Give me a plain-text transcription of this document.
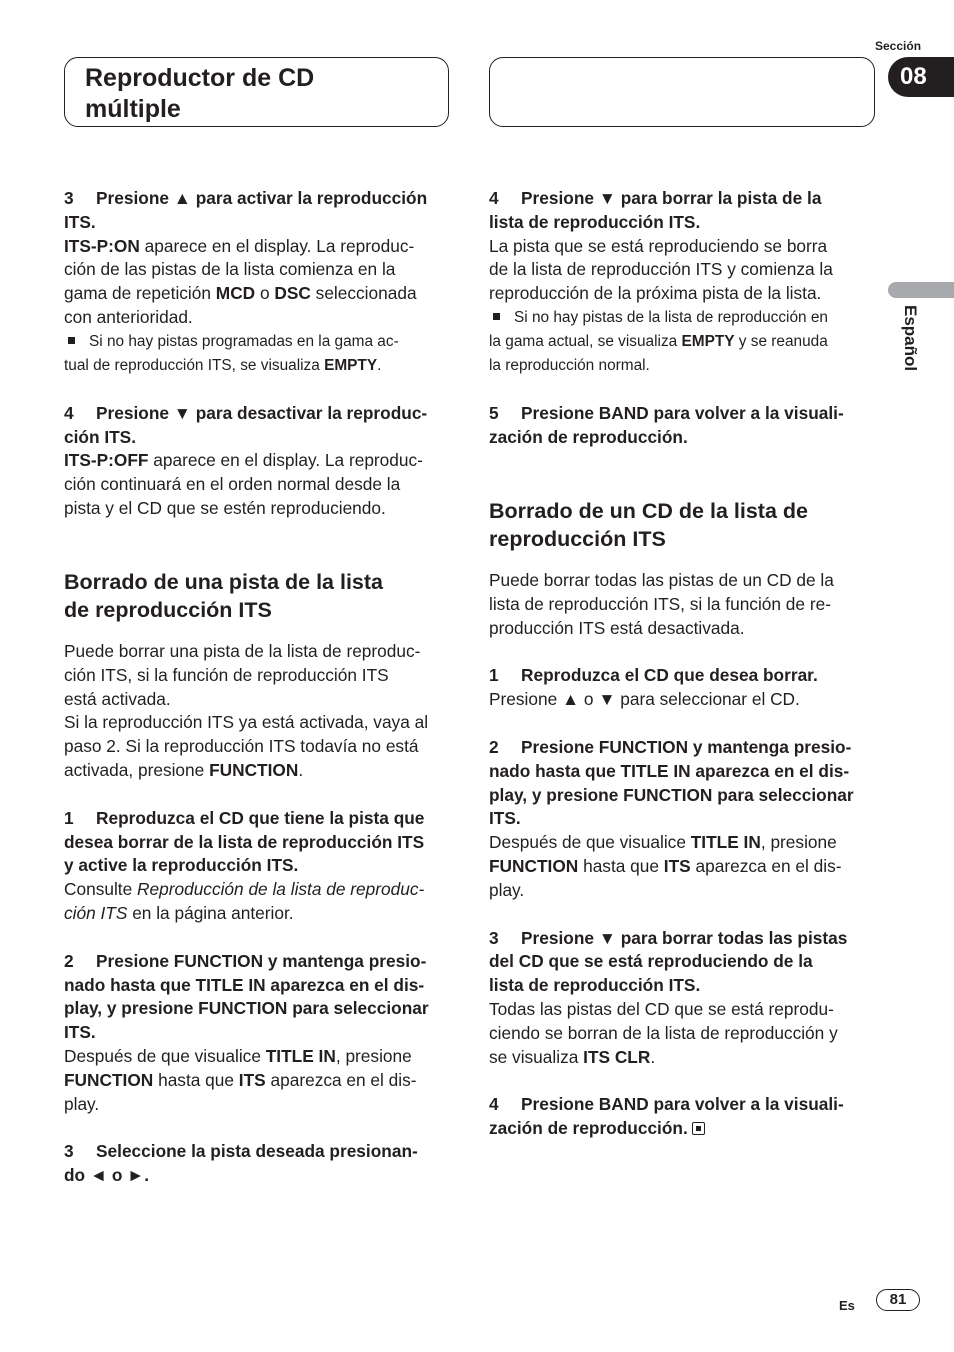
Reproductor de CD
múltiple
Sección
08
Español

3 Presione ▲ para activar la reproducción

ITS.

ITS-P:ON aparece en el display. La reproduc-

ción de las pistas de la lista comienza en la

gama de repetición MCD o DSC seleccionada

con anterioridad.

Si no hay pistas programadas en la gama ac-

tual de reproducción ITS, se visualiza EMPTY.

4 Presione ▼ para desactivar la reproduc-

ción ITS.

ITS-P:OFF aparece en el display. La reproduc-

ción continuará en el orden normal desde la

pista y el CD que se estén reproduciendo.

Borrado de una pista de la lista
de reproducción ITS

Puede borrar una pista de la lista de reproduc-

ción ITS, si la función de reproducción ITS

está activada.

Si la reproducción ITS ya está activada, vaya al

paso 2. Si la reproducción ITS todavía no está

activada, presione FUNCTION.

1 Reproduzca el CD que tiene la pista que

desea borrar de la lista de reproducción ITS

y active la reproducción ITS.

Consulte Reproducción de la lista de reproduc-

ción ITS en la página anterior.

2 Presione FUNCTION y mantenga presio-

nado hasta que TITLE IN aparezca en el dis-

play, y presione FUNCTION para seleccionar

ITS.

Después de que visualice TITLE IN, presione

FUNCTION hasta que ITS aparezca en el dis-

play.

3 Seleccione la pista deseada presionan-

do ◄ o ►.

4 Presione ▼ para borrar la pista de la

lista de reproducción ITS.

La pista que se está reproduciendo se borra

de la lista de reproducción ITS y comienza la

reproducción de la próxima pista de la lista.

Si no hay pistas de la lista de reproducción en

la gama actual, se visualiza EMPTY y se reanuda

la reproducción normal.

5 Presione BAND para volver a la visuali-

zación de reproducción.

Borrado de un CD de la lista de
reproducción ITS

Puede borrar todas las pistas de un CD de la

lista de reproducción ITS, si la función de re-

producción ITS está desactivada.

1 Reproduzca el CD que desea borrar.

Presione ▲ o ▼ para seleccionar el CD.

2 Presione FUNCTION y mantenga presio-

nado hasta que TITLE IN aparezca en el dis-

play, y presione FUNCTION para seleccionar

ITS.

Después de que visualice TITLE IN, presione

FUNCTION hasta que ITS aparezca en el dis-

play.

3 Presione ▼ para borrar todas las pistas

del CD que se está reproduciendo de la

lista de reproducción ITS.

Todas las pistas del CD que se está reprodu-

ciendo se borran de la lista de reproducción y

se visualiza ITS CLR.

4 Presione BAND para volver a la visuali-

zación de reproducción.

Es	81
